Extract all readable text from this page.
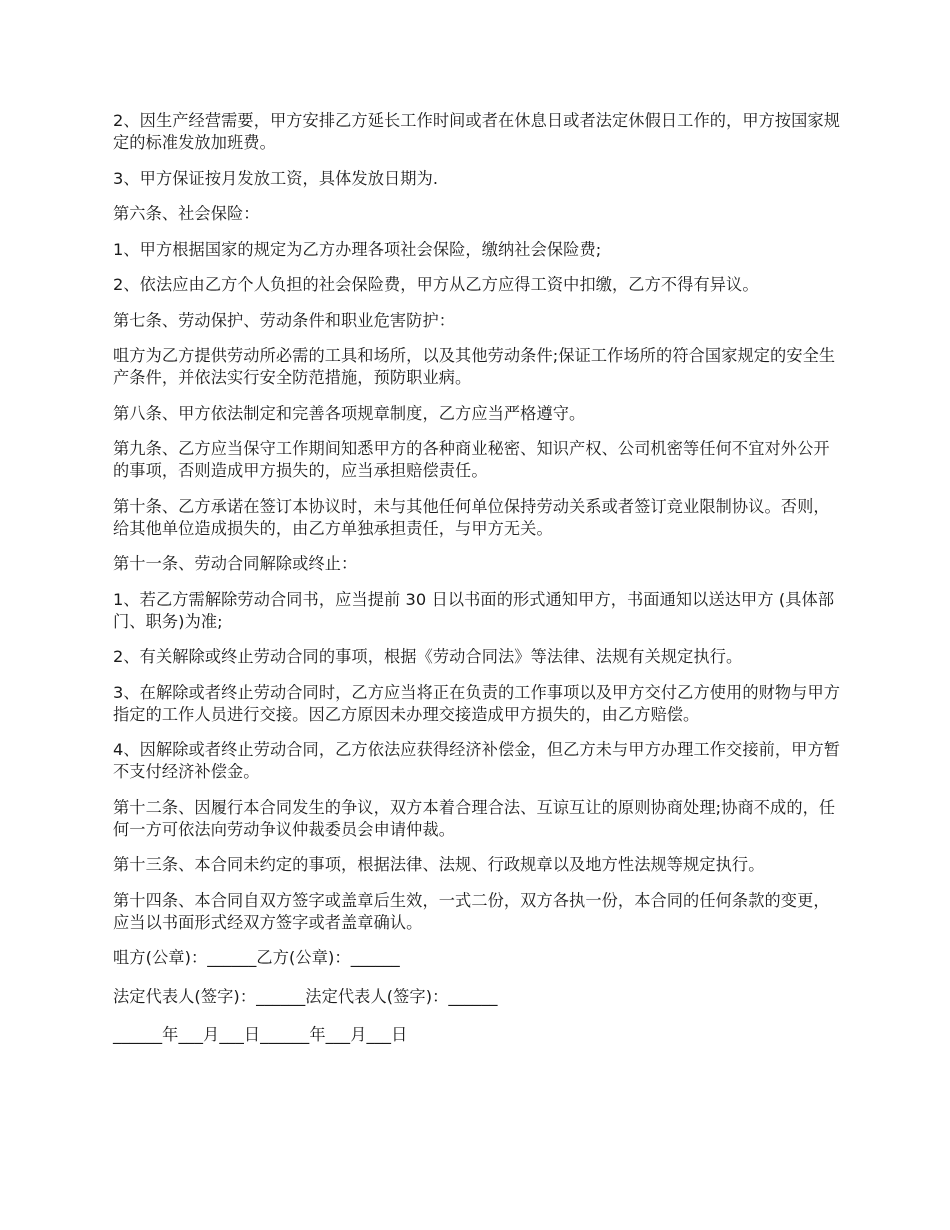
2、因生产经营需要，甲方安排乙方延长工作时间或者在休息日或者法定休假日工作的，甲方按国家规定的标准发放加班费。

3、甲方保证按月发放工资，具体发放日期为.

第六条、社会保险：

1、甲方根据国家的规定为乙方办理各项社会保险，缴纳社会保险费;

2、依法应由乙方个人负担的社会保险费，甲方从乙方应得工资中扣缴，乙方不得有异议。

第七条、劳动保护、劳动条件和职业危害防护：

咀方为乙方提供劳动所必需的工具和场所，以及其他劳动条件;保证工作场所的符合国家规定的安全生产条件，并依法实行安全防范措施，预防职业病。

第八条、甲方依法制定和完善各项规章制度，乙方应当严格遵守。

第九条、乙方应当保守工作期间知悉甲方的各种商业秘密、知识产权、公司机密等任何不宜对外公开的事项，否则造成甲方损失的，应当承担赔偿责任。

第十条、乙方承诺在签订本协议时，未与其他任何单位保持劳动关系或者签订竞业限制协议。否则，给其他单位造成损失的，由乙方单独承担责任，与甲方无关。

第十一条、劳动合同解除或终止：

1、若乙方需解除劳动合同书，应当提前 30 日以书面的形式通知甲方，书面通知以送达甲方 (具体部门、职务)为准;

2、有关解除或终止劳动合同的事项，根据《劳动合同法》等法律、法规有关规定执行。

3、在解除或者终止劳动合同时，乙方应当将正在负责的工作事项以及甲方交付乙方使用的财物与甲方指定的工作人员进行交接。因乙方原因未办理交接造成甲方损失的，由乙方赔偿。

4、因解除或者终止劳动合同，乙方依法应获得经济补偿金，但乙方未与甲方办理工作交接前，甲方暂不支付经济补偿金。

第十二条、因履行本合同发生的争议，双方本着合理合法、互谅互让的原则协商处理;协商不成的，任何一方可依法向劳动争议仲裁委员会申请仲裁。

第十三条、本合同未约定的事项，根据法律、法规、行政规章以及地方性法规等规定执行。

第十四条、本合同自双方签字或盖章后生效，一式二份，双方各执一份，本合同的任何条款的变更，应当以书面形式经双方签字或者盖章确认。

咀方(公章)：______乙方(公章)：______

法定代表人(签字)：______法定代表人(签字)：______

______年___月___日______年___月___日
